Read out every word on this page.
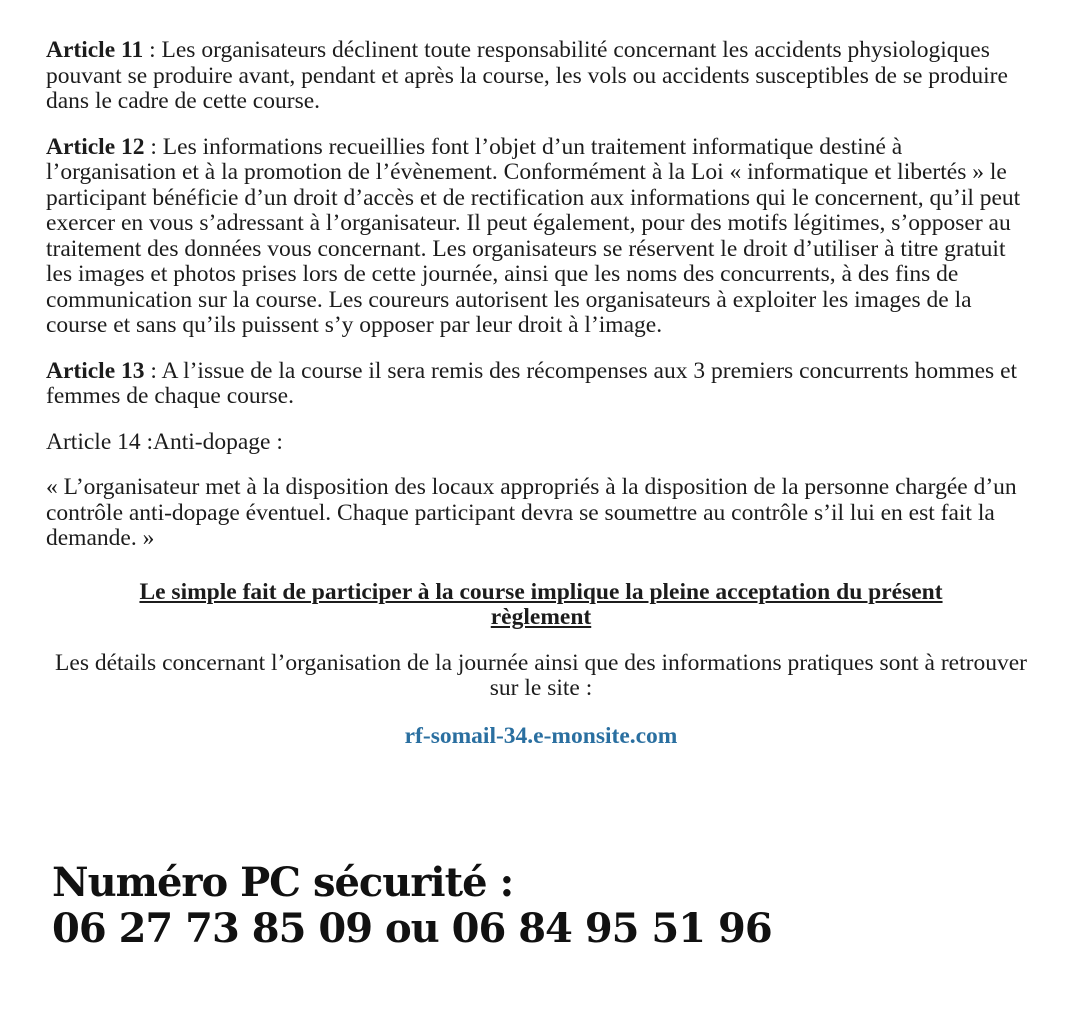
Article 11 : Les organisateurs déclinent toute responsabilité concernant les accidents physiologiques pouvant se produire avant, pendant et après la course, les vols ou accidents susceptibles de se produire dans le cadre de cette course.

Article 12 : Les informations recueillies font l’objet d’un traitement informatique destiné à l’organisation et à la promotion de l’évènement. Conformément à la Loi « informatique et libertés » le participant bénéficie d’un droit d’accès et de rectification aux informations qui le concernent, qu’il peut exercer en vous s’adressant à l’organisateur. Il peut également, pour des motifs légitimes, s’opposer au traitement des données vous concernant. Les organisateurs se réservent le droit d’utiliser à titre gratuit les images et photos prises lors de cette journée, ainsi que les noms des concurrents, à des fins de communication sur la course. Les coureurs autorisent les organisateurs à exploiter les images de la course et sans qu’ils puissent s’y opposer par leur droit à l’image.

Article 13 : A l’issue de la course il sera remis des récompenses aux 3 premiers concurrents hommes et femmes de chaque course.

Article 14 :Anti-dopage :

« L’organisateur met à la disposition des locaux appropriés à la disposition de la personne chargée d’un contrôle anti-dopage éventuel. Chaque participant devra se soumettre au contrôle s’il lui en est fait la demande. »

Le simple fait de participer à la course implique la pleine acceptation du présent règlement

Les détails concernant l’organisation de la journée ainsi que des informations pratiques sont à retrouver sur le site :

rf-somail-34.e-monsite.com

Numéro PC sécurité :
06 27 73 85 09 ou 06 84 95 51 96
